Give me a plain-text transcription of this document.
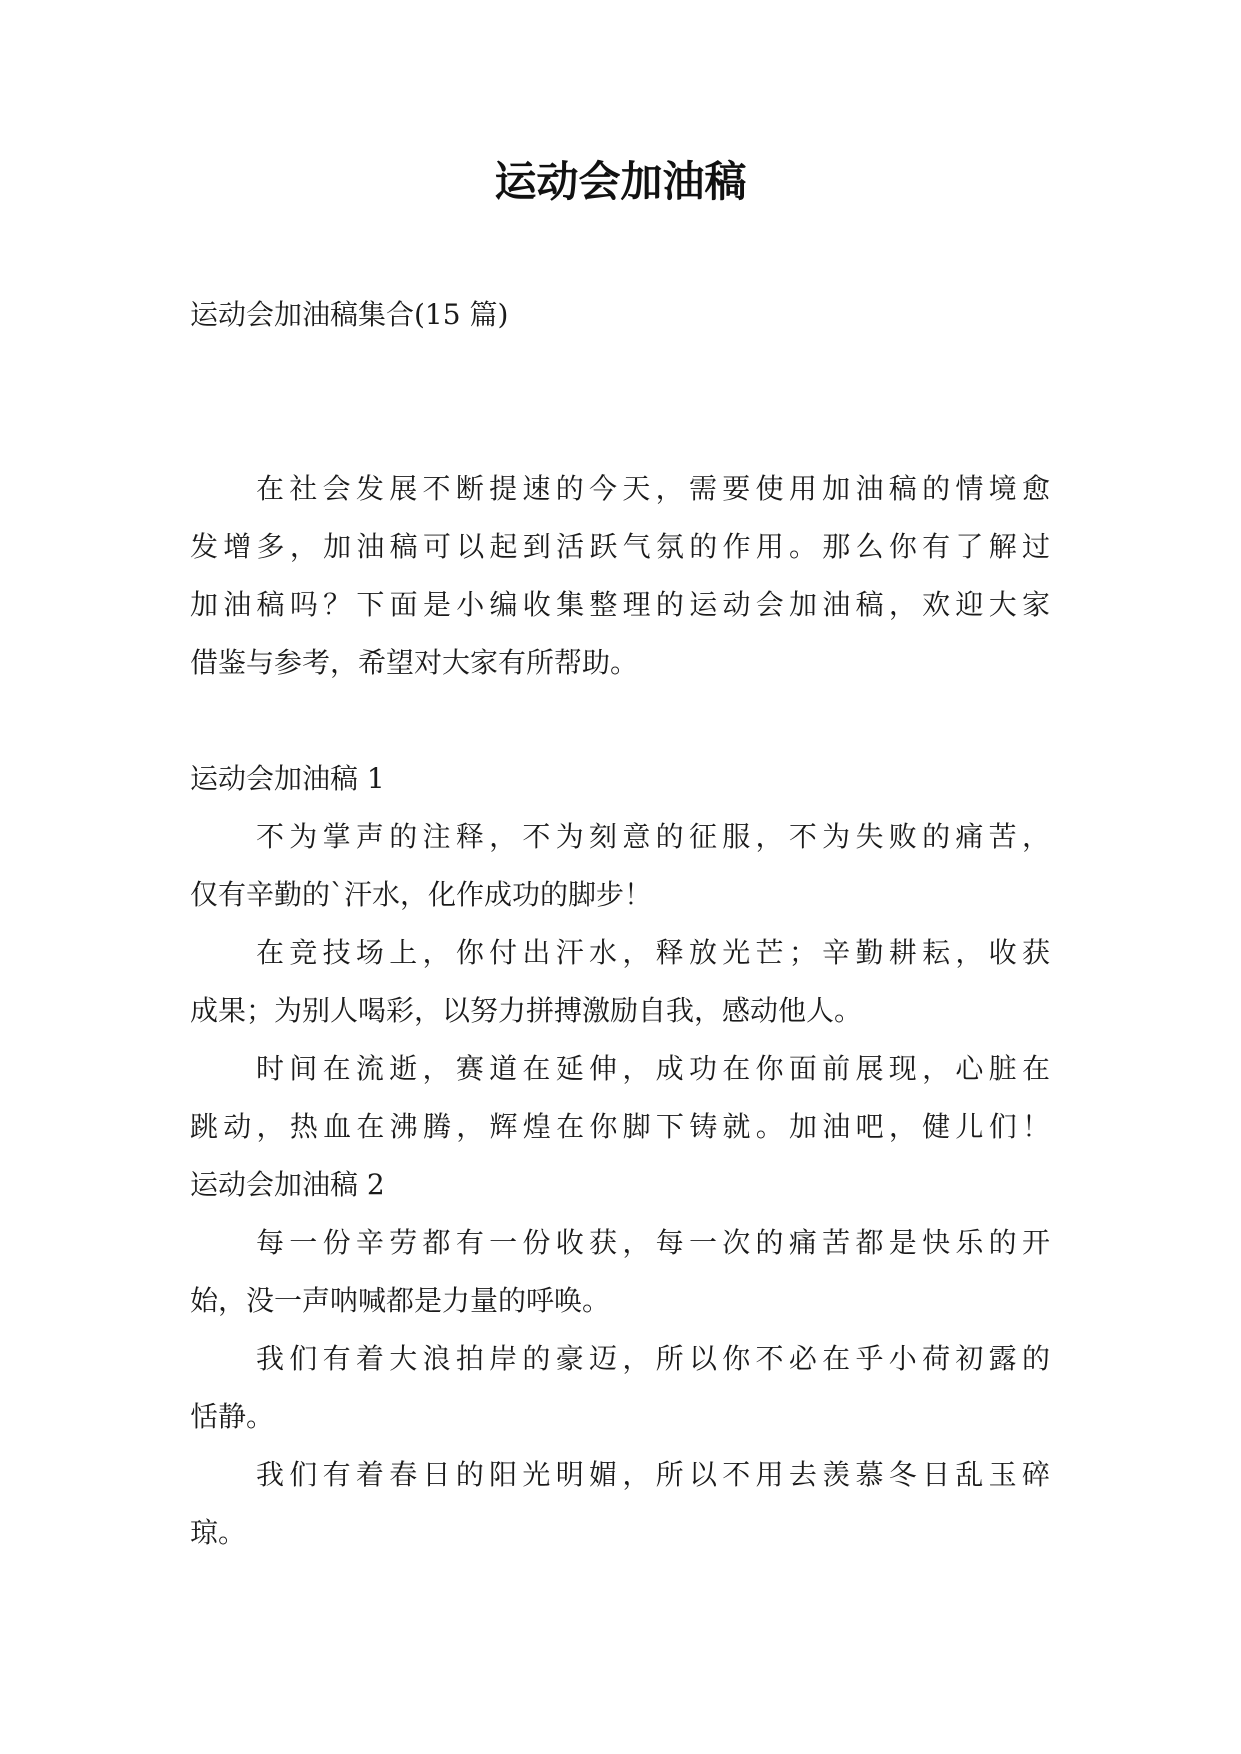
运动会加油稿
运动会加油稿集合(15 篇)
在社会发展不断提速的今天，需要使用加油稿的情境愈
发增多，加油稿可以起到活跃气氛的作用。那么你有了解过
加油稿吗？下面是小编收集整理的运动会加油稿，欢迎大家
借鉴与参考，希望对大家有所帮助。
运动会加油稿 1
不为掌声的注释，不为刻意的征服，不为失败的痛苦，
仅有辛勤的`汗水，化作成功的脚步！
在竞技场上，你付出汗水，释放光芒；辛勤耕耘，收获
成果；为别人喝彩，以努力拼搏激励自我，感动他人。
时间在流逝，赛道在延伸，成功在你面前展现，心脏在
跳动，热血在沸腾，辉煌在你脚下铸就。加油吧，健儿们！
运动会加油稿 2
每一份辛劳都有一份收获，每一次的痛苦都是快乐的开
始，没一声呐喊都是力量的呼唤。
我们有着大浪拍岸的豪迈，所以你不必在乎小荷初露的
恬静。
我们有着春日的阳光明媚，所以不用去羡慕冬日乱玉碎
琼。
